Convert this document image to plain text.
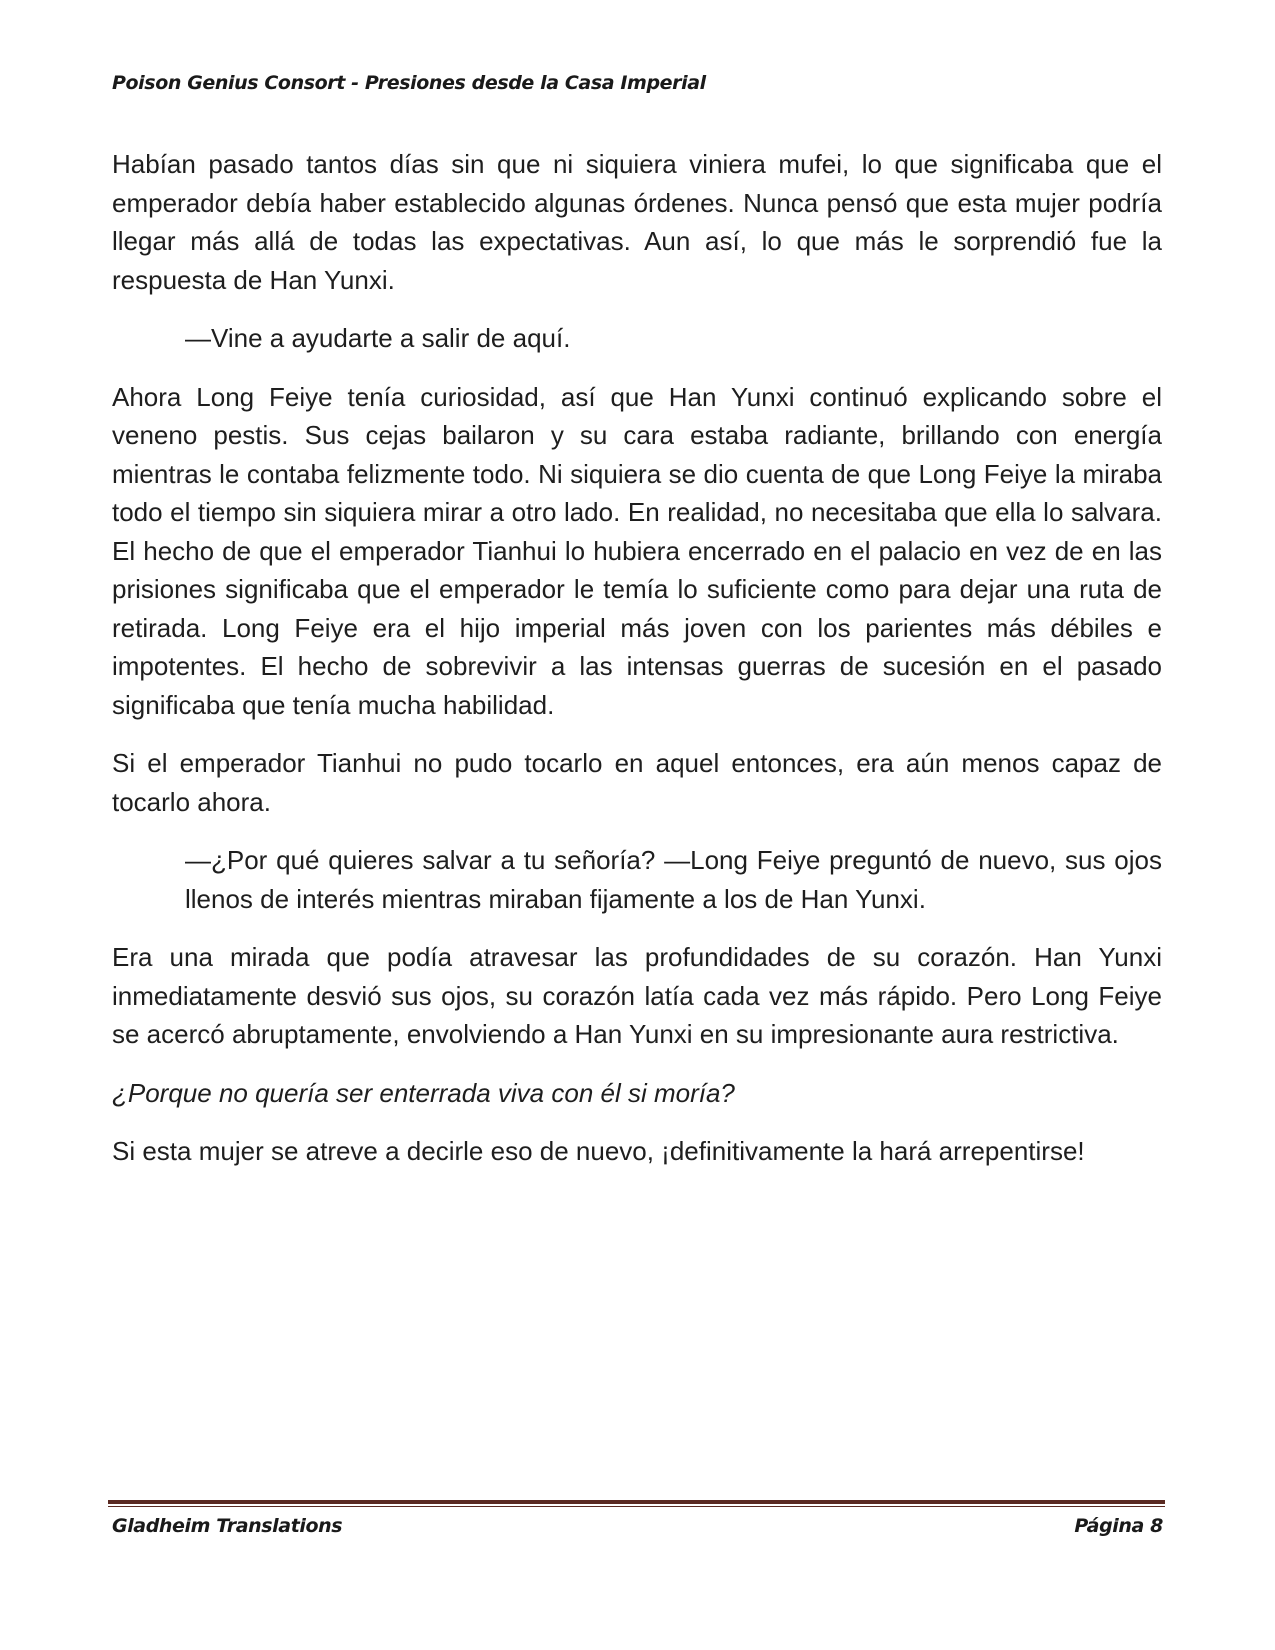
Poison Genius Consort - Presiones desde la Casa Imperial

Habían pasado tantos días sin que ni siquiera viniera mufei, lo que significaba que el emperador debía haber establecido algunas órdenes. Nunca pensó que esta mujer podría llegar más allá de todas las expectativas. Aun así, lo que más le sorprendió fue la respuesta de Han Yunxi.

—Vine a ayudarte a salir de aquí.

Ahora Long Feiye tenía curiosidad, así que Han Yunxi continuó explicando sobre el veneno pestis. Sus cejas bailaron y su cara estaba radiante, brillando con energía mientras le contaba felizmente todo. Ni siquiera se dio cuenta de que Long Feiye la miraba todo el tiempo sin siquiera mirar a otro lado. En realidad, no necesitaba que ella lo salvara. El hecho de que el emperador Tianhui lo hubiera encerrado en el palacio en vez de en las prisiones significaba que el emperador le temía lo suficiente como para dejar una ruta de retirada. Long Feiye era el hijo imperial más joven con los parientes más débiles e impotentes. El hecho de sobrevivir a las intensas guerras de sucesión en el pasado significaba que tenía mucha habilidad.

Si el emperador Tianhui no pudo tocarlo en aquel entonces, era aún menos capaz de tocarlo ahora.

—¿Por qué quieres salvar a tu señoría? —Long Feiye preguntó de nuevo, sus ojos llenos de interés mientras miraban fijamente a los de Han Yunxi.

Era una mirada que podía atravesar las profundidades de su corazón. Han Yunxi inmediatamente desvió sus ojos, su corazón latía cada vez más rápido. Pero Long Feiye se acercó abruptamente, envolviendo a Han Yunxi en su impresionante aura restrictiva.

¿Porque no quería ser enterrada viva con él si moría?

Si esta mujer se atreve a decirle eso de nuevo, ¡definitivamente la hará arrepentirse!

Gladheim Translations	Página 8
